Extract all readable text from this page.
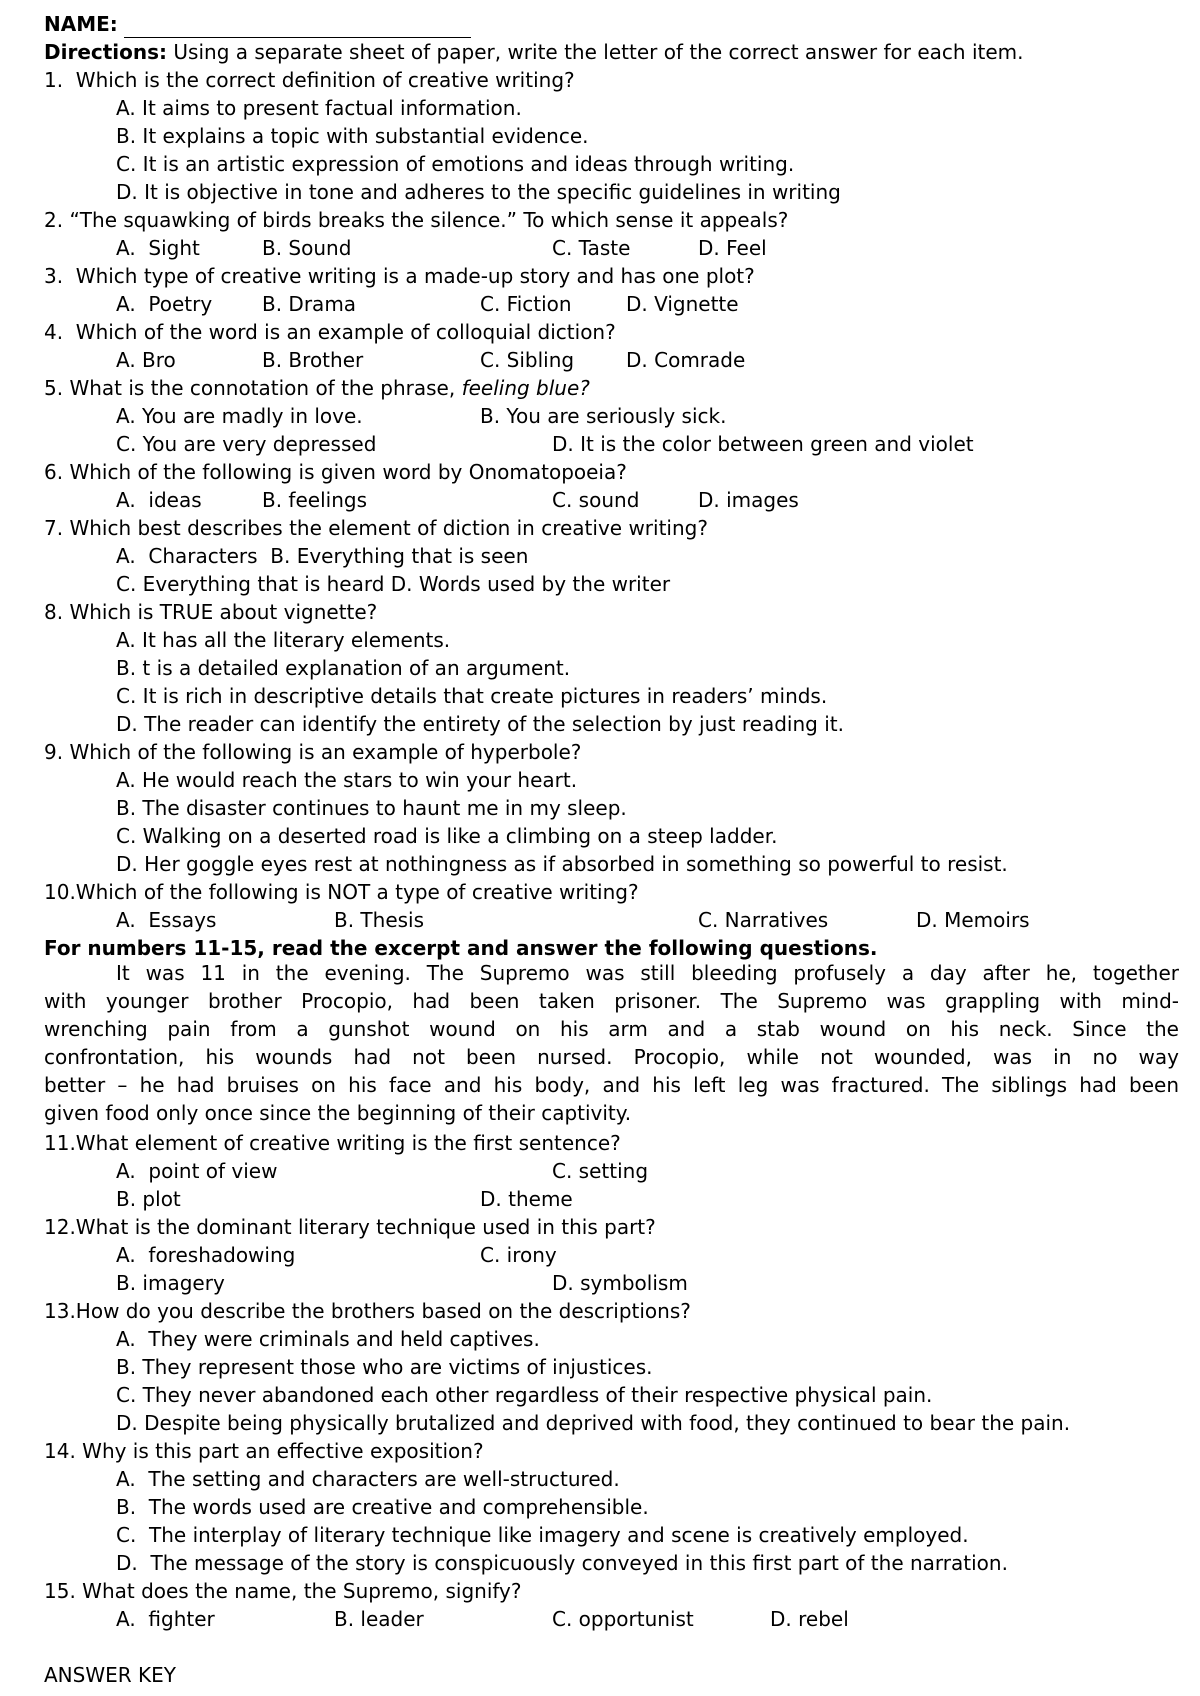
NAME:
Directions: Using a separate sheet of paper, write the letter of the correct answer for each item.
1.  Which is the correct definition of creative writing?
A. It aims to present factual information.
B. It explains a topic with substantial evidence.
C. It is an artistic expression of emotions and ideas through writing.
D. It is objective in tone and adheres to the specific guidelines in writing
2. “The squawking of birds breaks the silence.” To which sense it appeals?
A.  Sight	B. Sound	C. Taste	D. Feel
3.  Which type of creative writing is a made-up story and has one plot?
A.  Poetry B. Drama	C. Fiction	D. Vignette
4.  Which of the word is an example of colloquial diction?
A. Bro	B. Brother	C. Sibling	D. Comrade
5. What is the connotation of the phrase, feeling blue?
A. You are madly in love.	B. You are seriously sick.
C. You are very depressed	D. It is the color between green and violet
6. Which of the following is given word by Onomatopoeia?
A.  ideas	B. feelings	C. sound	D. images
7. Which best describes the element of diction in creative writing?
A.  Characters  B. Everything that is seen
C. Everything that is heard D. Words used by the writer
8. Which is TRUE about vignette?
A. It has all the literary elements.
B. t is a detailed explanation of an argument.
C. It is rich in descriptive details that create pictures in readers’ minds.
D. The reader can identify the entirety of the selection by just reading it.
9. Which of the following is an example of hyperbole?
A. He would reach the stars to win your heart.
B. The disaster continues to haunt me in my sleep.
C. Walking on a deserted road is like a climbing on a steep ladder.
D. Her goggle eyes rest at nothingness as if absorbed in something so powerful to resist.
10.Which of the following is NOT a type of creative writing?
A.  Essays	B. Thesis	C. Narratives	D. Memoirs
For numbers 11-15, read the excerpt and answer the following questions.
It was 11 in the evening. The Supremo was still bleeding profusely a day after he, together
with younger brother Procopio, had been taken prisoner. The Supremo was grappling with mind-
wrenching pain from a gunshot wound on his arm and a stab wound on his neck. Since the
confrontation, his wounds had not been nursed. Procopio, while not wounded, was in no way
better – he had bruises on his face and his body, and his left leg was fractured. The siblings had been
given food only once since the beginning of their captivity.
11.What element of creative writing is the first sentence?
A.  point of view	C. setting
B. plot	D. theme
12.What is the dominant literary technique used in this part?
A.  foreshadowing	C. irony
B. imagery	D. symbolism
13.How do you describe the brothers based on the descriptions?
A.  They were criminals and held captives.
B. They represent those who are victims of injustices.
C. They never abandoned each other regardless of their respective physical pain.
D. Despite being physically brutalized and deprived with food, they continued to bear the pain.
14. Why is this part an effective exposition?
A.  The setting and characters are well-structured.
B.  The words used are creative and comprehensible.
C.  The interplay of literary technique like imagery and scene is creatively employed.
D.  The message of the story is conspicuously conveyed in this first part of the narration.
15. What does the name, the Supremo, signify?
A.  fighter	B. leader	C. opportunist	D. rebel
ANSWER KEY
